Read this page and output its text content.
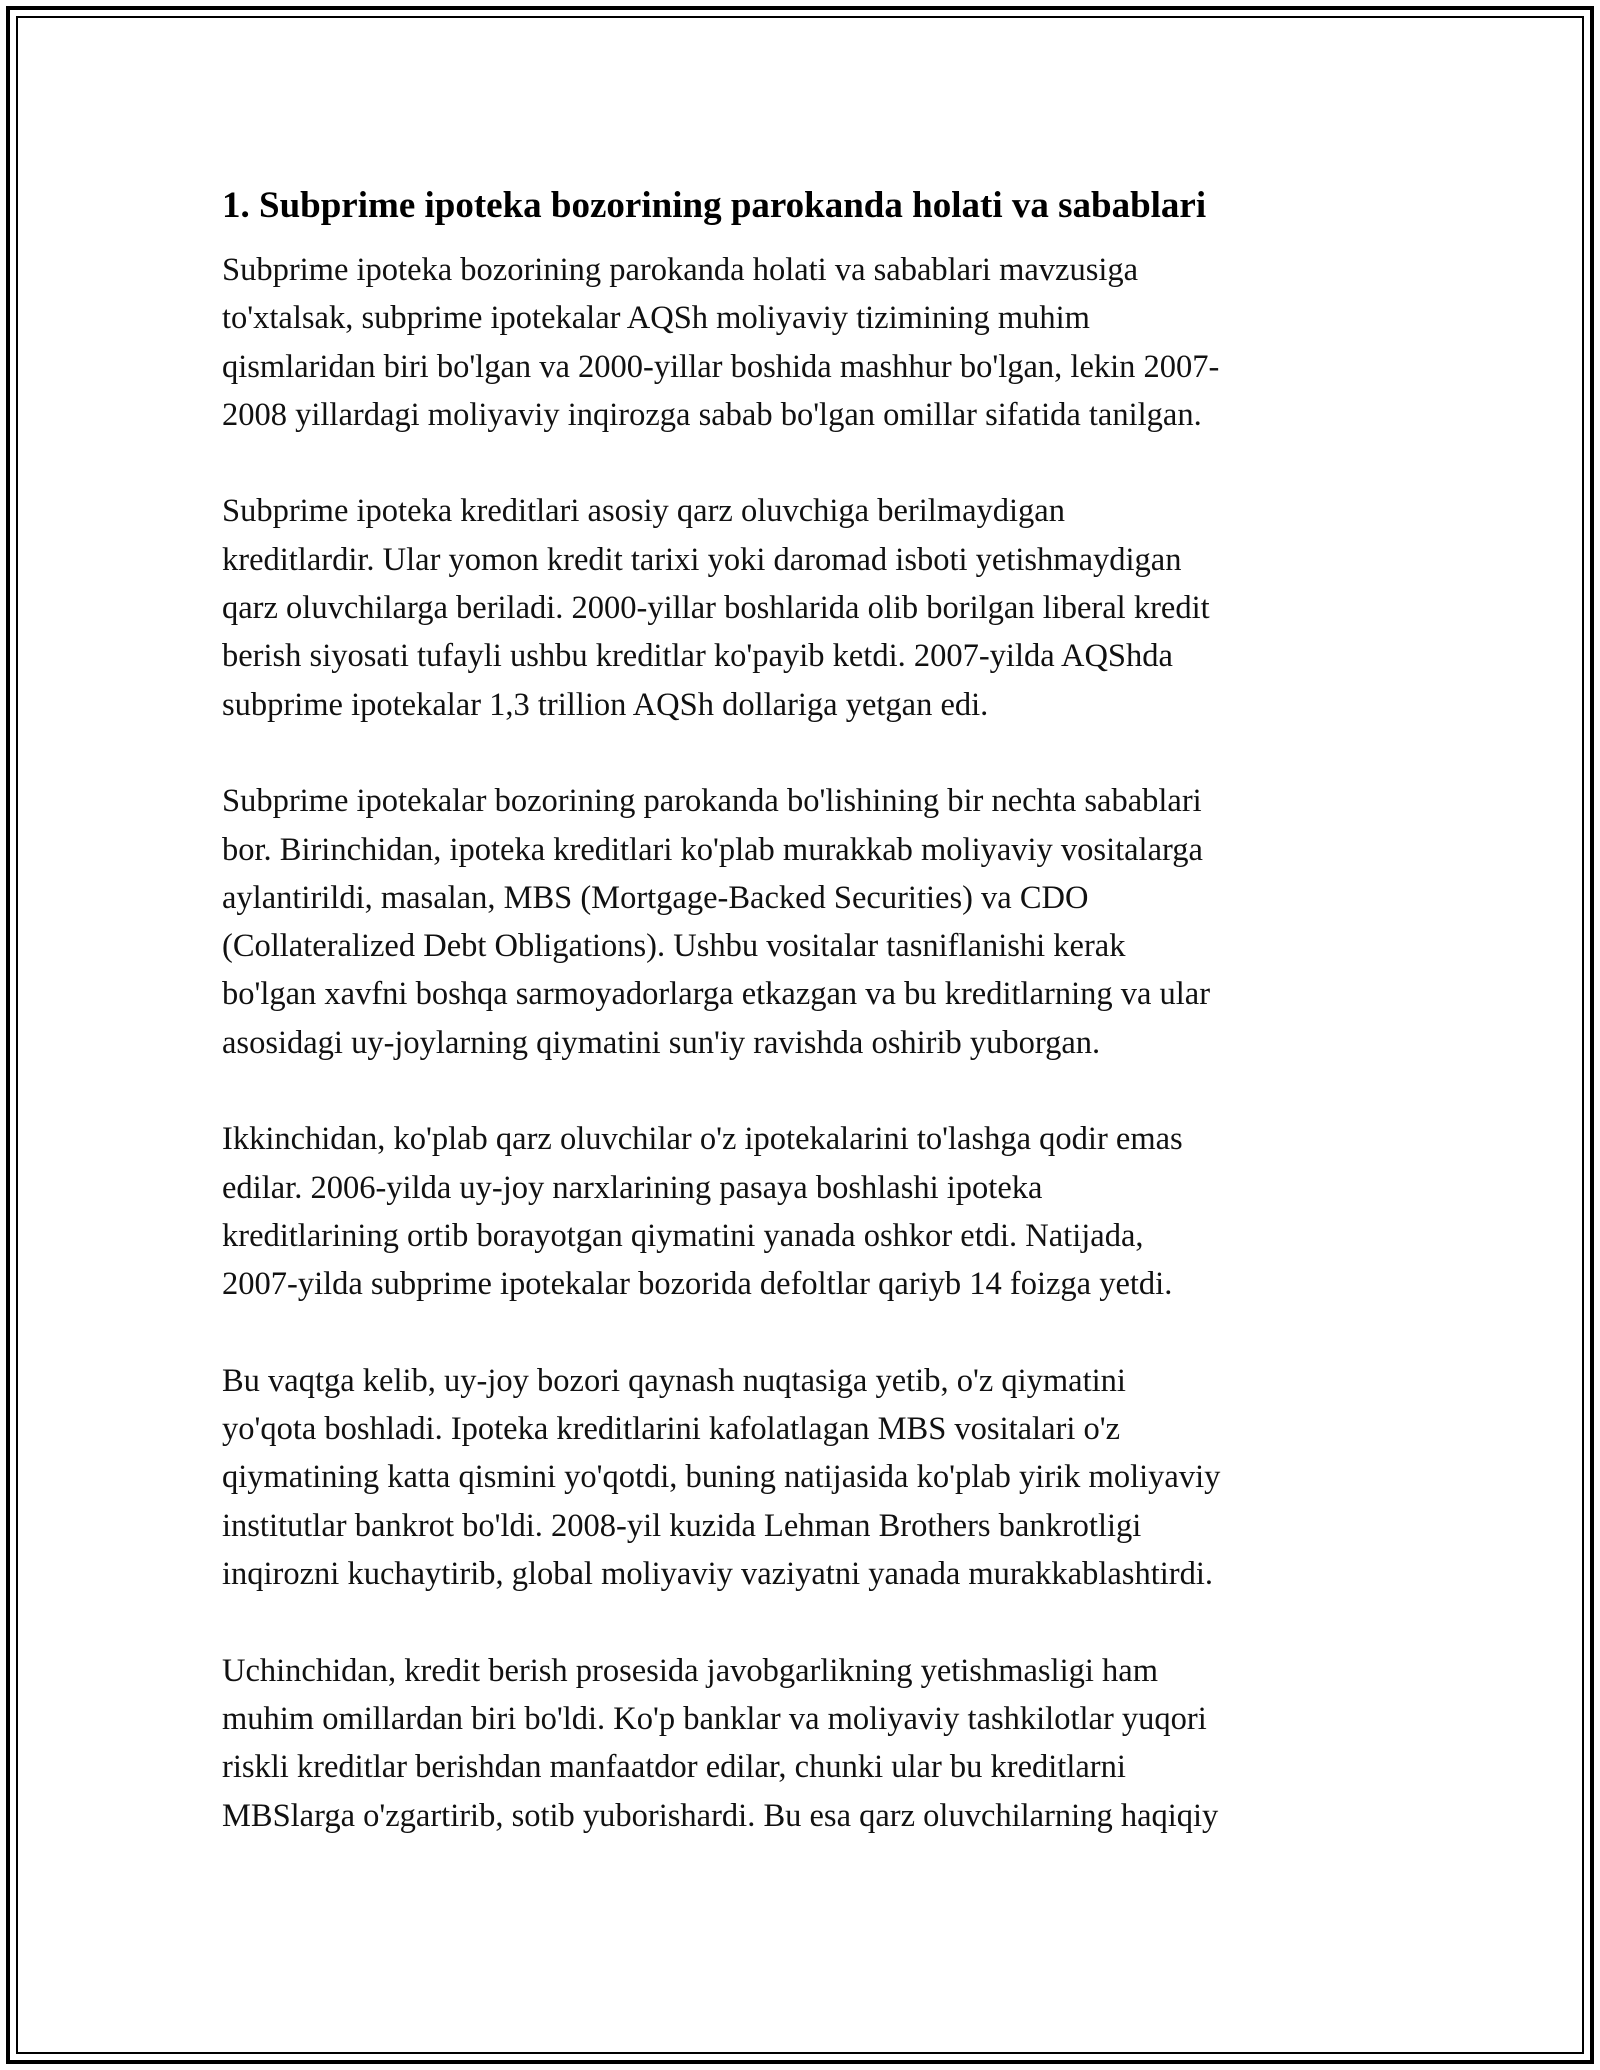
1. Subprime ipoteka bozorining parokanda holati va sabablari

Subprime ipoteka bozorining parokanda holati va sabablari mavzusiga
to'xtalsak, subprime ipotekalar AQSh moliyaviy tizimining muhim
qismlaridan biri bo'lgan va 2000-yillar boshida mashhur bo'lgan, lekin 2007-
2008 yillardagi moliyaviy inqirozga sabab bo'lgan omillar sifatida tanilgan.

Subprime ipoteka kreditlari asosiy qarz oluvchiga berilmaydigan
kreditlardir. Ular yomon kredit tarixi yoki daromad isboti yetishmaydigan
qarz oluvchilarga beriladi. 2000-yillar boshlarida olib borilgan liberal kredit
berish siyosati tufayli ushbu kreditlar ko'payib ketdi. 2007-yilda AQShda
subprime ipotekalar 1,3 trillion AQSh dollariga yetgan edi.

Subprime ipotekalar bozorining parokanda bo'lishining bir nechta sabablari
bor. Birinchidan, ipoteka kreditlari ko'plab murakkab moliyaviy vositalarga
aylantirildi, masalan, MBS (Mortgage-Backed Securities) va CDO
(Collateralized Debt Obligations). Ushbu vositalar tasniflanishi kerak
bo'lgan xavfni boshqa sarmoyadorlarga etkazgan va bu kreditlarning va ular
asosidagi uy-joylarning qiymatini sun'iy ravishda oshirib yuborgan.

Ikkinchidan, ko'plab qarz oluvchilar o'z ipotekalarini to'lashga qodir emas
edilar. 2006-yilda uy-joy narxlarining pasaya boshlashi ipoteka
kreditlarining ortib borayotgan qiymatini yanada oshkor etdi. Natijada,
2007-yilda subprime ipotekalar bozorida defoltlar qariyb 14 foizga yetdi.

Bu vaqtga kelib, uy-joy bozori qaynash nuqtasiga yetib, o'z qiymatini
yo'qota boshladi. Ipoteka kreditlarini kafolatlagan MBS vositalari o'z
qiymatining katta qismini yo'qotdi, buning natijasida ko'plab yirik moliyaviy
institutlar bankrot bo'ldi. 2008-yil kuzida Lehman Brothers bankrotligi
inqirozni kuchaytirib, global moliyaviy vaziyatni yanada murakkablashtirdi.

Uchinchidan, kredit berish prosesida javobgarlikning yetishmasligi ham
muhim omillardan biri bo'ldi. Ko'p banklar va moliyaviy tashkilotlar yuqori
riskli kreditlar berishdan manfaatdor edilar, chunki ular bu kreditlarni
MBSlarga o'zgartirib, sotib yuborishardi. Bu esa qarz oluvchilarning haqiqiy
